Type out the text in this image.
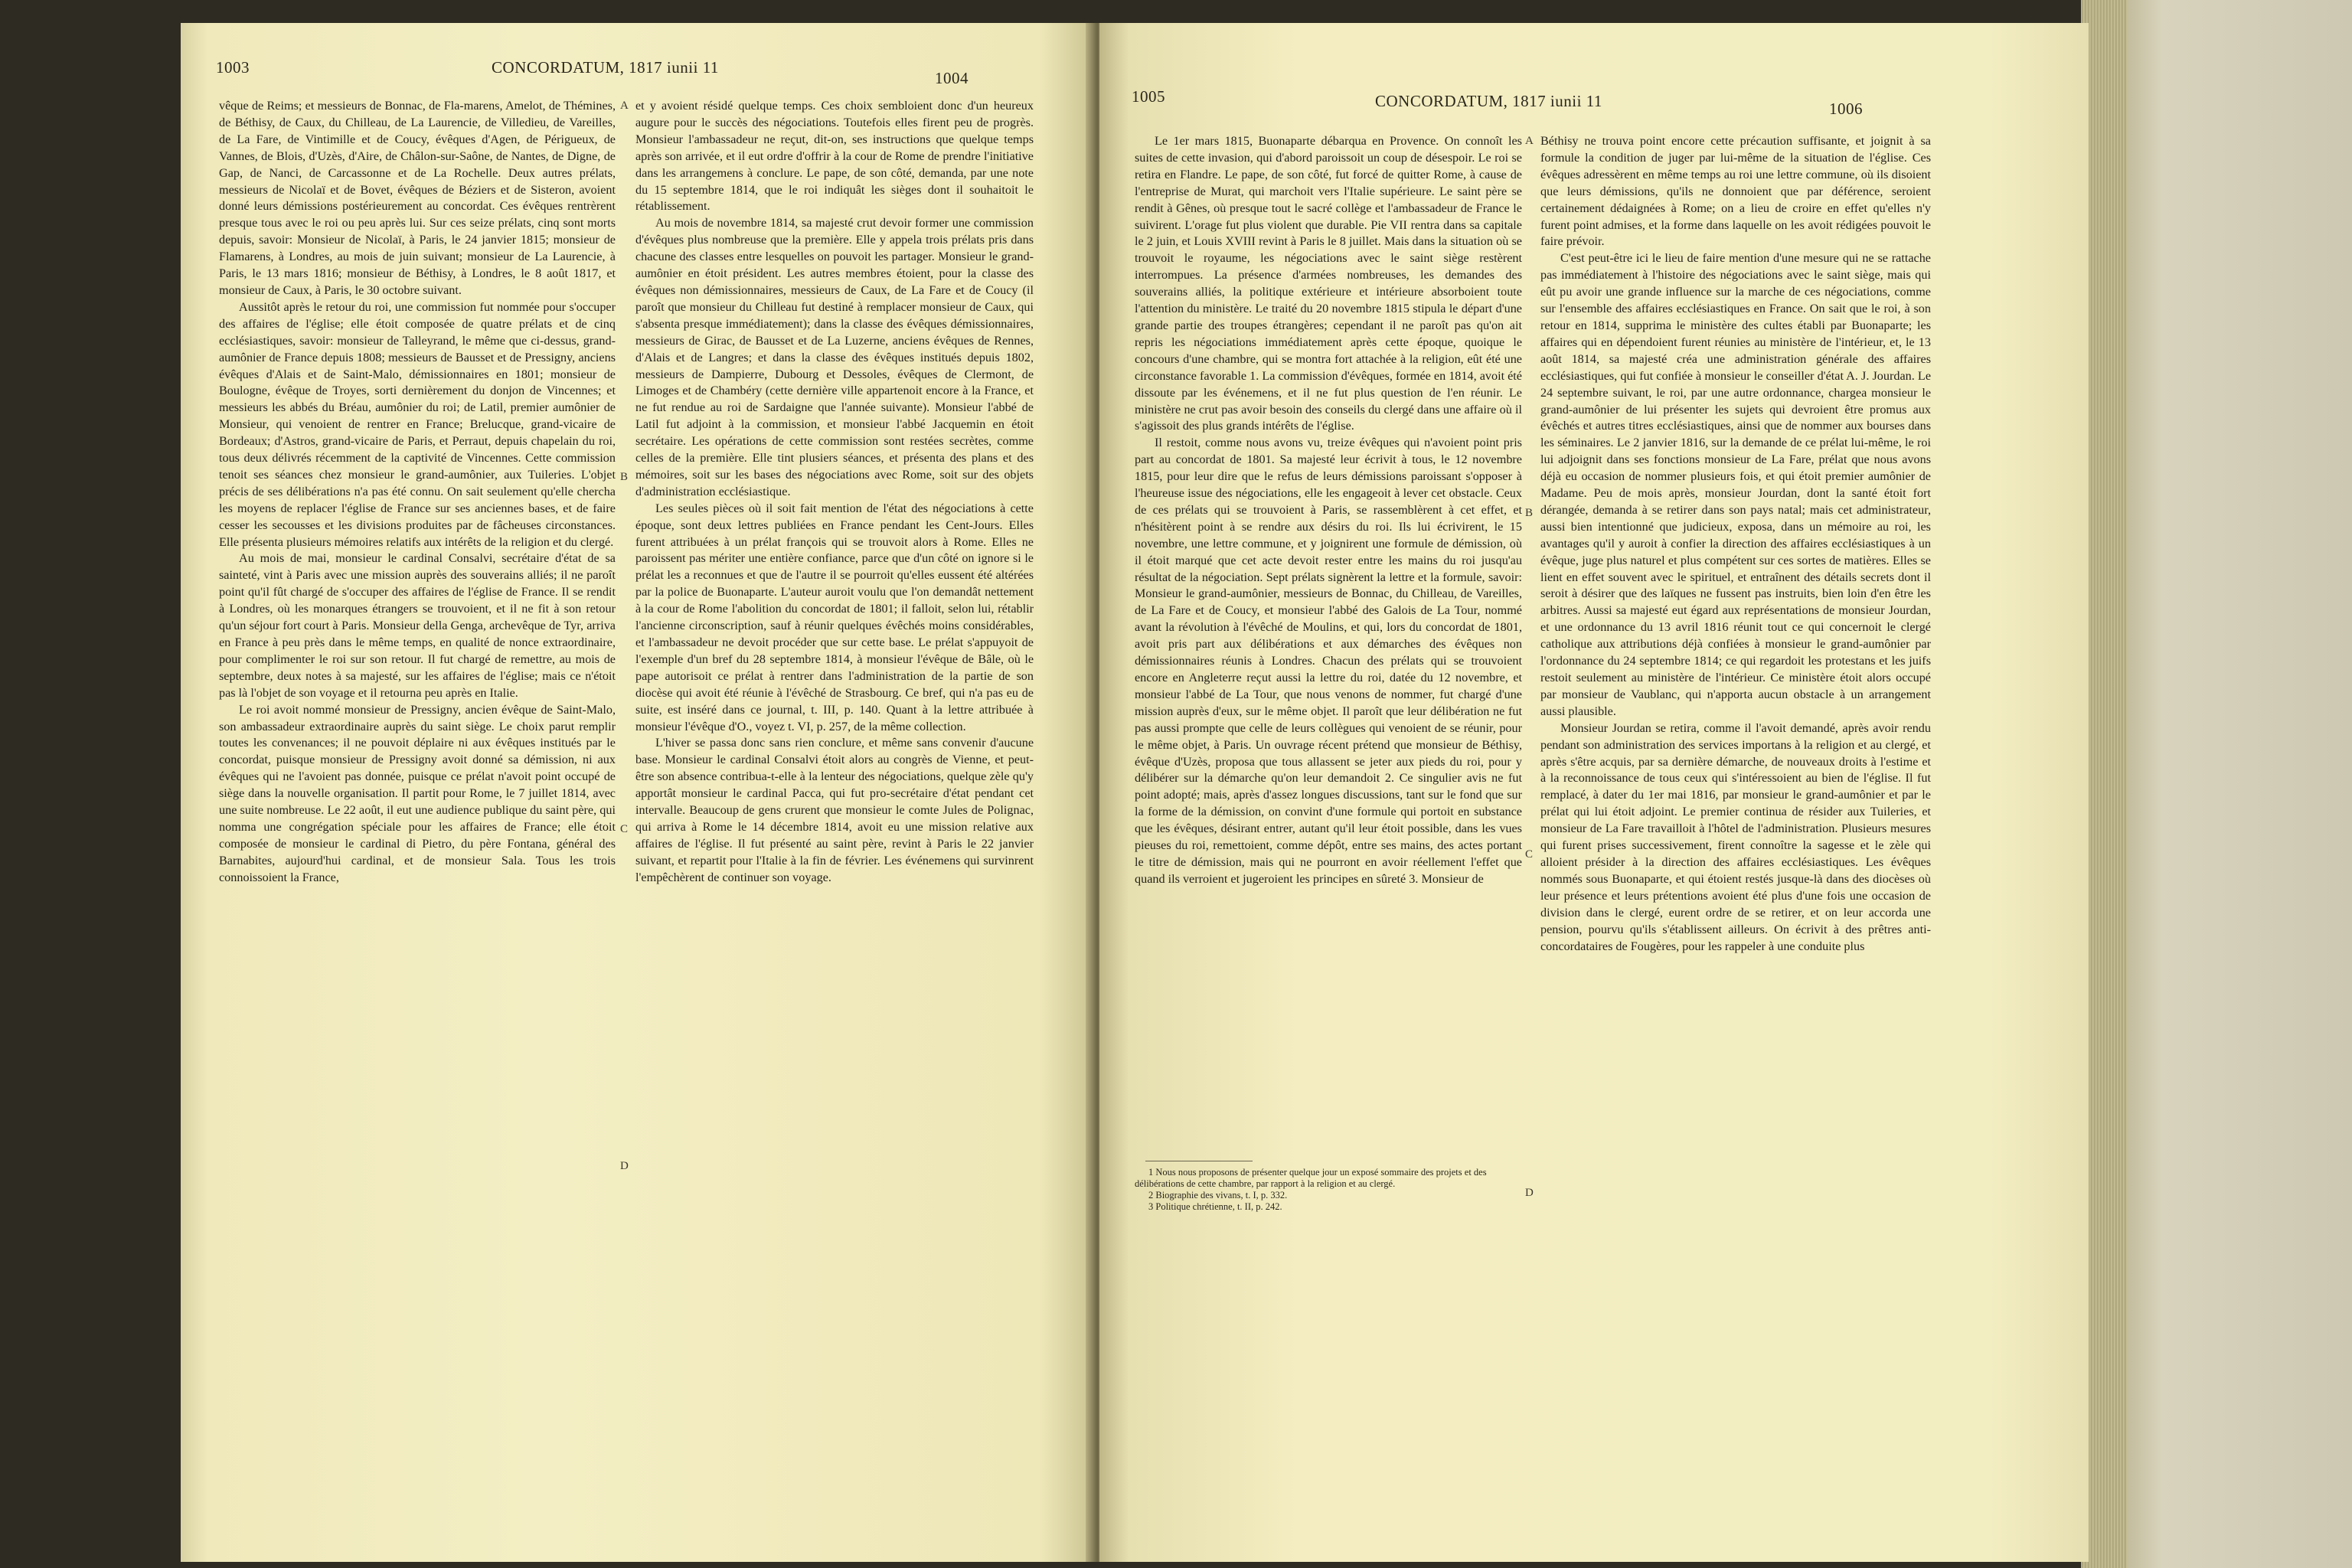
1003	CONCORDATUM, 1817 iunii 11
1004

vêque de Reims; et messieurs de Bonnac, de Fla-marens, Amelot, de Thémines, de Béthisy, de Caux, du Chilleau, de La Laurencie, de Villedieu, de Vareilles, de La Fare, de Vintimille et de Coucy, évêques d'Agen, de Périgueux, de Vannes, de Blois, d'Uzès, d'Aire, de Châlon-sur-Saône, de Nantes, de Digne, de Gap, de Nanci, de Carcassonne et de La Rochelle. Deux autres prélats, messieurs de Nicolaï et de Bovet, évêques de Béziers et de Sisteron, avoient donné leurs démissions postérieurement au concordat. Ces évêques rentrèrent presque tous avec le roi ou peu après lui. Sur ces seize prélats, cinq sont morts depuis, savoir: Monsieur de Nicolaï, à Paris, le 24 janvier 1815; monsieur de Flamarens, à Londres, au mois de juin suivant; monsieur de La Laurencie, à Paris, le 13 mars 1816; monsieur de Béthisy, à Londres, le 8 août 1817, et monsieur de Caux, à Paris, le 30 octobre suivant.

Aussitôt après le retour du roi, une commission fut nommée pour s'occuper des affaires de l'église; elle étoit composée de quatre prélats et de cinq ecclésiastiques, savoir: monsieur de Talleyrand, le même que ci-dessus, grand-aumônier de France depuis 1808; messieurs de Bausset et de Pressigny, anciens évêques d'Alais et de Saint-Malo, démissionnaires en 1801; monsieur de Boulogne, évêque de Troyes, sorti dernièrement du donjon de Vincennes; et messieurs les abbés du Bréau, aumônier du roi; de Latil, premier aumônier de Monsieur, qui venoient de rentrer en France; Brelucque, grand-vicaire de Bordeaux; d'Astros, grand-vicaire de Paris, et Perraut, depuis chapelain du roi, tous deux délivrés récemment de la captivité de Vincennes. Cette commission tenoit ses séances chez monsieur le grand-aumônier, aux Tuileries. L'objet précis de ses délibérations n'a pas été connu. On sait seulement qu'elle chercha les moyens de replacer l'église de France sur ses anciennes bases, et de faire cesser les secousses et les divisions produites par de fâcheuses circonstances. Elle présenta plusieurs mémoires relatifs aux intérêts de la religion et du clergé.

Au mois de mai, monsieur le cardinal Consalvi, secrétaire d'état de sa sainteté, vint à Paris avec une mission auprès des souverains alliés; il ne paroît point qu'il fût chargé de s'occuper des affaires de l'église de France. Il se rendit à Londres, où les monarques étrangers se trouvoient, et il ne fit à son retour qu'un séjour fort court à Paris. Monsieur della Genga, archevêque de Tyr, arriva en France à peu près dans le même temps, en qualité de nonce extraordinaire, pour complimenter le roi sur son retour. Il fut chargé de remettre, au mois de septembre, deux notes à sa majesté, sur les affaires de l'église; mais ce n'étoit pas là l'objet de son voyage et il retourna peu après en Italie.

Le roi avoit nommé monsieur de Pressigny, ancien évêque de Saint-Malo, son ambassadeur extraordinaire auprès du saint siège. Le choix parut remplir toutes les convenances; il ne pouvoit déplaire ni aux évêques institués par le concordat, puisque monsieur de Pressigny avoit donné sa démission, ni aux évêques qui ne l'avoient pas donnée, puisque ce prélat n'avoit point occupé de siège dans la nouvelle organisation. Il partit pour Rome, le 7 juillet 1814, avec une suite nombreuse. Le 22 août, il eut une audience publique du saint père, qui nomma une congrégation spéciale pour les affaires de France; elle étoit composée de monsieur le cardinal di Pietro, du père Fontana, général des Barnabites, aujourd'hui cardinal, et de monsieur Sala. Tous les trois connoissoient la France,

A
B
C
D

et y avoient résidé quelque temps. Ces choix sembloient donc d'un heureux augure pour le succès des négociations. Toutefois elles firent peu de progrès. Monsieur l'ambassadeur ne reçut, dit-on, ses instructions que quelque temps après son arrivée, et il eut ordre d'offrir à la cour de Rome de prendre l'initiative dans les arrangemens à conclure. Le pape, de son côté, demanda, par une note du 15 septembre 1814, que le roi indiquât les sièges dont il souhaitoit le rétablissement.

Au mois de novembre 1814, sa majesté crut devoir former une commission d'évêques plus nombreuse que la première. Elle y appela trois prélats pris dans chacune des classes entre lesquelles on pouvoit les partager. Monsieur le grand-aumônier en étoit président. Les autres membres étoient, pour la classe des évêques non démissionnaires, messieurs de Caux, de La Fare et de Coucy (il paroît que monsieur du Chilleau fut destiné à remplacer monsieur de Caux, qui s'absenta presque immédiatement); dans la classe des évêques démissionnaires, messieurs de Girac, de Bausset et de La Luzerne, anciens évêques de Rennes, d'Alais et de Langres; et dans la classe des évêques institués depuis 1802, messieurs de Dampierre, Dubourg et Dessoles, évêques de Clermont, de Limoges et de Chambéry (cette dernière ville appartenoit encore à la France, et ne fut rendue au roi de Sardaigne que l'année suivante). Monsieur l'abbé de Latil fut adjoint à la commission, et monsieur l'abbé Jacquemin en étoit secrétaire. Les opérations de cette commission sont restées secrètes, comme celles de la première. Elle tint plusiers séances, et présenta des plans et des mémoires, soit sur les bases des négociations avec Rome, soit sur des objets d'administration ecclésiastique.

Les seules pièces où il soit fait mention de l'état des négociations à cette époque, sont deux lettres publiées en France pendant les Cent-Jours. Elles furent attribuées à un prélat françois qui se trouvoit alors à Rome. Elles ne paroissent pas mériter une entière confiance, parce que d'un côté on ignore si le prélat les a reconnues et que de l'autre il se pourroit qu'elles eussent été altérées par la police de Buonaparte. L'auteur auroit voulu que l'on demandât nettement à la cour de Rome l'abolition du concordat de 1801; il falloit, selon lui, rétablir l'ancienne circonscription, sauf à réunir quelques évêchés moins considérables, et l'ambassadeur ne devoit procéder que sur cette base. Le prélat s'appuyoit de l'exemple d'un bref du 28 septembre 1814, à monsieur l'évêque de Bâle, où le pape autorisoit ce prélat à rentrer dans l'administration de la partie de son diocèse qui avoit été réunie à l'évêché de Strasbourg. Ce bref, qui n'a pas eu de suite, est inséré dans ce journal, t. III, p. 140. Quant à la lettre attribuée à monsieur l'évêque d'O., voyez t. VI, p. 257, de la même collection.

L'hiver se passa donc sans rien conclure, et même sans convenir d'aucune base. Monsieur le cardinal Consalvi étoit alors au congrès de Vienne, et peut-être son absence contribua-t-elle à la lenteur des négociations, quelque zèle qu'y apportât monsieur le cardinal Pacca, qui fut pro-secrétaire d'état pendant cet intervalle. Beaucoup de gens crurent que monsieur le comte Jules de Polignac, qui arriva à Rome le 14 décembre 1814, avoit eu une mission relative aux affaires de l'église. Il fut présenté au saint père, revint à Paris le 22 janvier suivant, et repartit pour l'Italie à la fin de février. Les événemens qui survinrent l'empêchèrent de continuer son voyage.

1005	CONCORDATUM, 1817 iunii 11	1006

Le 1er mars 1815, Buonaparte débarqua en Provence. On connoît les suites de cette invasion, qui d'abord paroissoit un coup de désespoir. Le roi se retira en Flandre. Le pape, de son côté, fut forcé de quitter Rome, à cause de l'entreprise de Murat, qui marchoit vers l'Italie supérieure. Le saint père se rendit à Gênes, où presque tout le sacré collège et l'ambassadeur de France le suivirent. L'orage fut plus violent que durable. Pie VII rentra dans sa capitale le 2 juin, et Louis XVIII revint à Paris le 8 juillet. Mais dans la situation où se trouvoit le royaume, les négociations avec le saint siège restèrent interrompues. La présence d'armées nombreuses, les demandes des souverains alliés, la politique extérieure et intérieure absorboient toute l'attention du ministère. Le traité du 20 novembre 1815 stipula le départ d'une grande partie des troupes étrangères; cependant il ne paroît pas qu'on ait repris les négociations immédiatement après cette époque, quoique le concours d'une chambre, qui se montra fort attachée à la religion, eût été une circonstance favorable 1. La commission d'évêques, formée en 1814, avoit été dissoute par les événemens, et il ne fut plus question de l'en réunir. Le ministère ne crut pas avoir besoin des conseils du clergé dans une affaire où il s'agissoit des plus grands intérêts de l'église.

Il restoit, comme nous avons vu, treize évêques qui n'avoient point pris part au concordat de 1801. Sa majesté leur écrivit à tous, le 12 novembre 1815, pour leur dire que le refus de leurs démissions paroissant s'opposer à l'heureuse issue des négociations, elle les engageoit à lever cet obstacle. Ceux de ces prélats qui se trouvoient à Paris, se rassemblèrent à cet effet, et n'hésitèrent point à se rendre aux désirs du roi. Ils lui écrivirent, le 15 novembre, une lettre commune, et y joignirent une formule de démission, où il étoit marqué que cet acte devoit rester entre les mains du roi jusqu'au résultat de la négociation. Sept prélats signèrent la lettre et la formule, savoir: Monsieur le grand-aumônier, messieurs de Bonnac, du Chilleau, de Vareilles, de La Fare et de Coucy, et monsieur l'abbé des Galois de La Tour, nommé avant la révolution à l'évêché de Moulins, et qui, lors du concordat de 1801, avoit pris part aux délibérations et aux démarches des évêques non démissionnaires réunis à Londres. Chacun des prélats qui se trouvoient encore en Angleterre reçut aussi la lettre du roi, datée du 12 novembre, et monsieur l'abbé de La Tour, que nous venons de nommer, fut chargé d'une mission auprès d'eux, sur le même objet. Il paroît que leur délibération ne fut pas aussi prompte que celle de leurs collègues qui venoient de se réunir, pour le même objet, à Paris. Un ouvrage récent prétend que monsieur de Béthisy, évêque d'Uzès, proposa que tous allassent se jeter aux pieds du roi, pour y délibérer sur la démarche qu'on leur demandoit 2. Ce singulier avis ne fut point adopté; mais, après d'assez longues discussions, tant sur le fond que sur la forme de la démission, on convint d'une formule qui portoit en substance que les évêques, désirant entrer, autant qu'il leur étoit possible, dans les vues pieuses du roi, remettoient, comme dépôt, entre ses mains, des actes portant le titre de démission, mais qui ne pourront en avoir réellement l'effet que quand ils verroient et jugeroient les principes en sûreté 3. Monsieur de

1 Nous nous proposons de présenter quelque jour un exposé sommaire des projets et des délibérations de cette chambre, par rapport à la religion et au clergé.
2 Biographie des vivans, t. I, p. 332.
3 Politique chrétienne, t. II, p. 242.
A
B
C
D

Béthisy ne trouva point encore cette précaution suffisante, et joignit à sa formule la condition de juger par lui-même de la situation de l'église. Ces évêques adressèrent en même temps au roi une lettre commune, où ils disoient que leurs démissions, qu'ils ne donnoient que par déférence, seroient certainement dédaignées à Rome; on a lieu de croire en effet qu'elles n'y furent point admises, et la forme dans laquelle on les avoit rédigées pouvoit le faire prévoir.

C'est peut-être ici le lieu de faire mention d'une mesure qui ne se rattache pas immédiatement à l'histoire des négociations avec le saint siège, mais qui eût pu avoir une grande influence sur la marche de ces négociations, comme sur l'ensemble des affaires ecclésiastiques en France. On sait que le roi, à son retour en 1814, supprima le ministère des cultes établi par Buonaparte; les affaires qui en dépendoient furent réunies au ministère de l'intérieur, et, le 13 août 1814, sa majesté créa une administration générale des affaires ecclésiastiques, qui fut confiée à monsieur le conseiller d'état A. J. Jourdan. Le 24 septembre suivant, le roi, par une autre ordonnance, chargea monsieur le grand-aumônier de lui présenter les sujets qui devroient être promus aux évêchés et autres titres ecclésiastiques, ainsi que de nommer aux bourses dans les séminaires. Le 2 janvier 1816, sur la demande de ce prélat lui-même, le roi lui adjoignit dans ses fonctions monsieur de La Fare, prélat que nous avons déjà eu occasion de nommer plusieurs fois, et qui étoit premier aumônier de Madame. Peu de mois après, monsieur Jourdan, dont la santé étoit fort dérangée, demanda à se retirer dans son pays natal; mais cet administrateur, aussi bien intentionné que judicieux, exposa, dans un mémoire au roi, les avantages qu'il y auroit à confier la direction des affaires ecclésiastiques à un évêque, juge plus naturel et plus compétent sur ces sortes de matières. Elles se lient en effet souvent avec le spirituel, et entraînent des détails secrets dont il seroit à désirer que des laïques ne fussent pas instruits, bien loin d'en être les arbitres. Aussi sa majesté eut égard aux représentations de monsieur Jourdan, et une ordonnance du 13 avril 1816 réunit tout ce qui concernoit le clergé catholique aux attributions déjà confiées à monsieur le grand-aumônier par l'ordonnance du 24 septembre 1814; ce qui regardoit les protestans et les juifs restoit seulement au ministère de l'intérieur. Ce ministère étoit alors occupé par monsieur de Vaublanc, qui n'apporta aucun obstacle à un arrangement aussi plausible.

Monsieur Jourdan se retira, comme il l'avoit demandé, après avoir rendu pendant son administration des services importans à la religion et au clergé, et après s'être acquis, par sa dernière démarche, de nouveaux droits à l'estime et à la reconnoissance de tous ceux qui s'intéressoient au bien de l'église. Il fut remplacé, à dater du 1er mai 1816, par monsieur le grand-aumônier et par le prélat qui lui étoit adjoint. Le premier continua de résider aux Tuileries, et monsieur de La Fare travailloit à l'hôtel de l'administration. Plusieurs mesures qui furent prises successivement, firent connoître la sagesse et le zèle qui alloient présider à la direction des affaires ecclésiastiques. Les évêques nommés sous Buonaparte, et qui étoient restés jusque-là dans des diocèses où leur présence et leurs prétentions avoient été plus d'une fois une occasion de division dans le clergé, eurent ordre de se retirer, et on leur accorda une pension, pourvu qu'ils s'établissent ailleurs. On écrivit à des prêtres anti-concordataires de Fougères, pour les rappeler à une conduite plus
